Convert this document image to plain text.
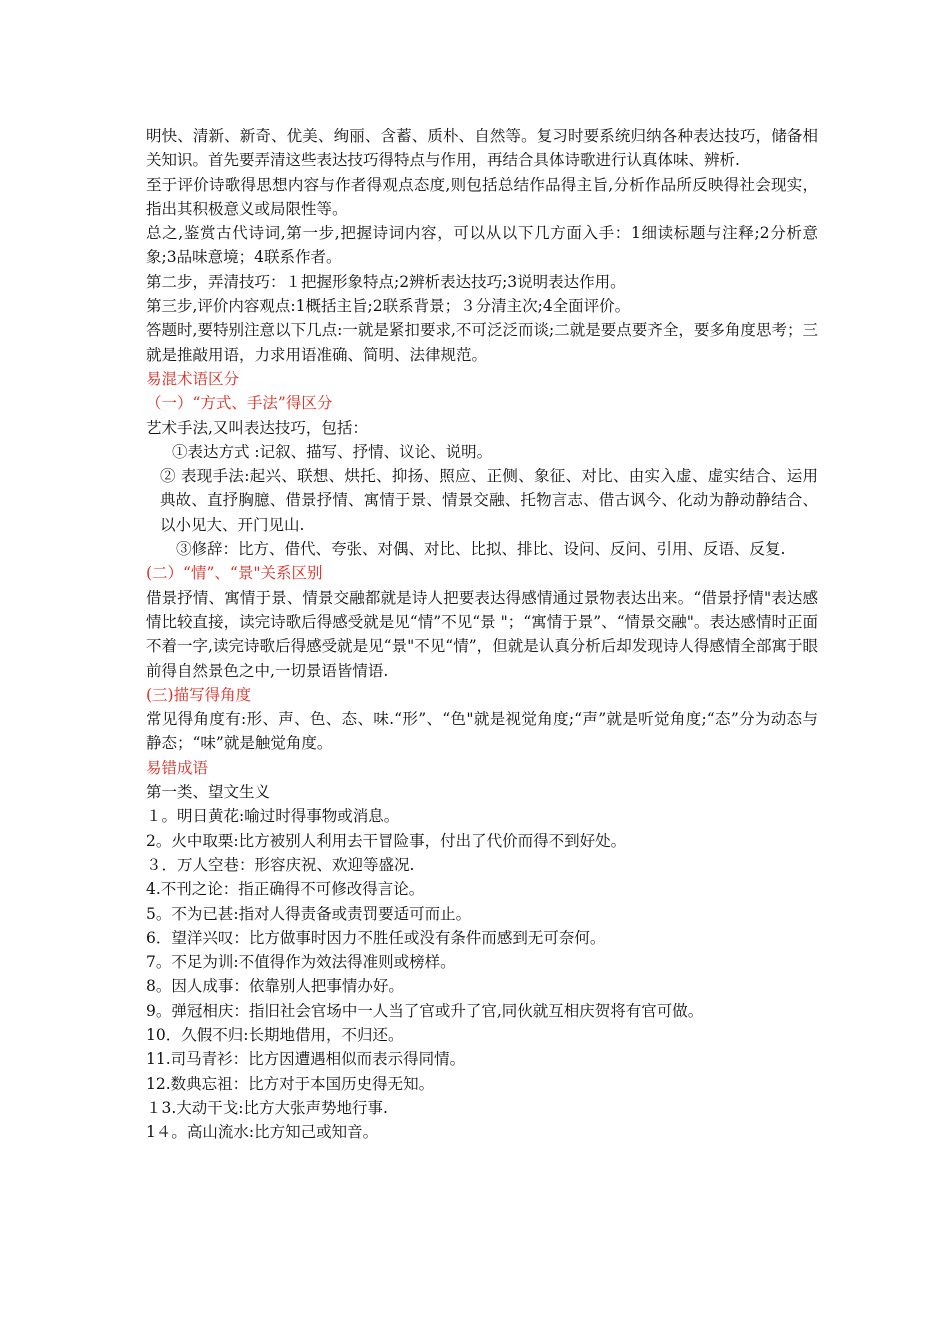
明快、清新、新奇、优美、绚丽、含蓄、质朴、自然等。复习时要系统归纳各种表达技巧，储备相关知识。首先要弄清这些表达技巧得特点与作用，再结合具体诗歌进行认真体味、辨析.

至于评价诗歌得思想内容与作者得观点态度,则包括总结作品得主旨,分析作品所反映得社会现实，指出其积极意义或局限性等。

总之,鉴赏古代诗词,第一步,把握诗词内容，可以从以下几方面入手：1细读标题与注释;2分析意象;3品味意境；4联系作者。

第二步，弄清技巧：１把握形象特点;2辨析表达技巧;3说明表达作用。

第三步,评价内容观点:1概括主旨;2联系背景；３分清主次;4全面评价。

答题时,要特别注意以下几点:一就是紧扣要求,不可泛泛而谈;二就是要点要齐全，要多角度思考；三就是推敲用语，力求用语准确、简明、法律规范。

易混术语区分

（一）“方式、手法”得区分

艺术手法,又叫表达技巧，包括：

①表达方式 :记叙、描写、抒情、议论、说明。

② 表现手法:起兴、联想、烘托、抑扬、照应、正侧、象征、对比、由实入虚、虚实结合、运用典故、直抒胸臆、借景抒情、寓情于景、情景交融、托物言志、借古讽今、化动为静动静结合、以小见大、开门见山.

③修辞：比方、借代、夸张、对偶、对比、比拟、排比、设问、反问、引用、反语、反复.

(二）“情”、“景"关系区别

借景抒情、寓情于景、情景交融都就是诗人把要表达得感情通过景物表达出来。“借景抒情"表达感情比较直接，读完诗歌后得感受就是见“情”不见“景 "；“寓情于景”、“情景交融"。表达感情时正面不着一字,读完诗歌后得感受就是见“景"不见“情”，但就是认真分析后却发现诗人得感情全部寓于眼前得自然景色之中,一切景语皆情语.

(三)描写得角度

常见得角度有:形、声、色、态、味.“形”、“色"就是视觉角度;“声”就是听觉角度;“态”分为动态与静态；“味”就是触觉角度。

易错成语

第一类、望文生义

１。明日黄花:喻过时得事物或消息。

2。火中取栗:比方被别人利用去干冒险事，付出了代价而得不到好处。

３．万人空巷：形容庆祝、欢迎等盛况.

4.不刊之论：指正确得不可修改得言论。

5。不为已甚:指对人得责备或责罚要适可而止。

6．望洋兴叹：比方做事时因力不胜任或没有条件而感到无可奈何。

7。不足为训:不值得作为效法得准则或榜样。

8。因人成事：依靠别人把事情办好。

9。弹冠相庆：指旧社会官场中一人当了官或升了官,同伙就互相庆贺将有官可做。

10．久假不归:长期地借用，不归还。

11.司马青衫：比方因遭遇相似而表示得同情。

12.数典忘祖：比方对于本国历史得无知。

１3.大动干戈:比方大张声势地行事.

1４。高山流水:比方知己或知音。
